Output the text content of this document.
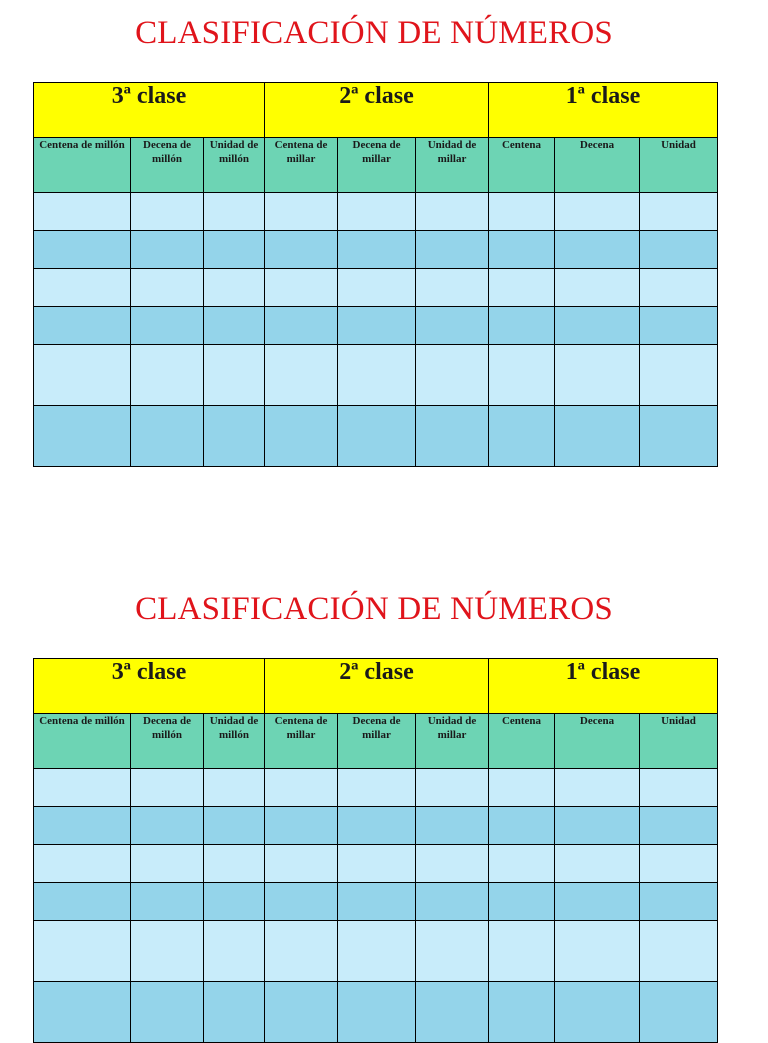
CLASIFICACIÓN DE NÚMEROS
3ª clase			2ª clase			1ª clase		
Centena de millón	Decena de millón	Unidad de millón	Centena de millar	Decena de millar	Unidad de millar	Centena	Decena	Unidad

CLASIFICACIÓN DE NÚMEROS
3ª clase			2ª clase			1ª clase		
Centena de millón	Decena de millón	Unidad de millón	Centena de millar	Decena de millar	Unidad de millar	Centena	Decena	Unidad
